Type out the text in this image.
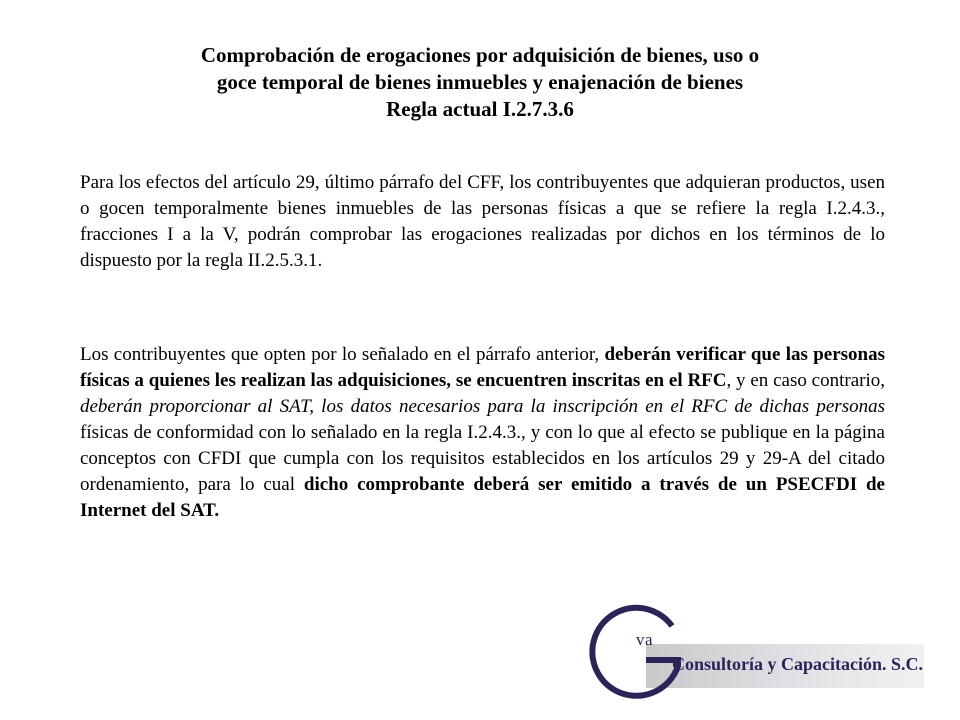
Comprobación de erogaciones por adquisición de bienes, uso o
goce temporal de bienes inmuebles y enajenación de bienes
Regla actual I.2.7.3.6

Para los efectos del artículo 29, último párrafo del CFF, los contribuyentes que adquieran productos, usen o gocen temporalmente bienes inmuebles de las personas físicas a que se refiere la regla I.2.4.3., fracciones I a la V, podrán comprobar las erogaciones realizadas por dichos en los términos de lo dispuesto por la regla II.2.5.3.1.

Los contribuyentes que opten por lo señalado en el párrafo anterior, deberán verificar que las personas físicas a quienes les realizan las adquisiciones, se encuentren inscritas en el RFC, y en caso contrario, deberán proporcionar al SAT, los datos necesarios para la inscripción en el RFC de dichas personas físicas de conformidad con lo señalado en la regla I.2.4.3., y con lo que al efecto se publique en la página conceptos con CFDI que cumpla con los requisitos establecidos en los artículos 29 y 29-A del citado ordenamiento, para lo cual dicho comprobante deberá ser emitido a través de un PSECFDI de Internet del SAT.

va
Consultoría y Capacitación. S.C.
